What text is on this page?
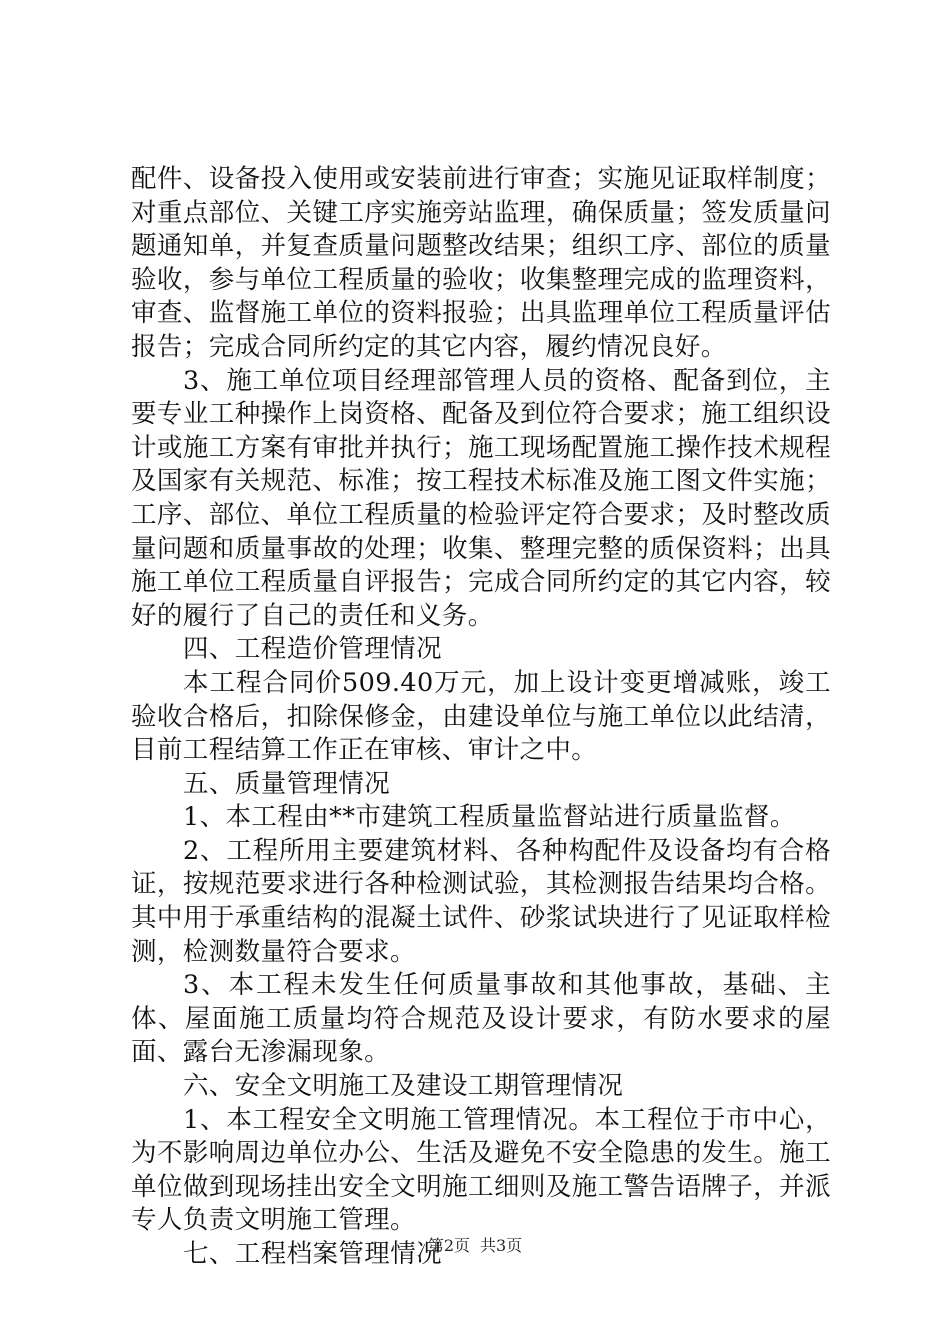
配件、设备投入使用或安装前进行审查；实施见证取样制度；对重点部位、关键工序实施旁站监理，确保质量；签发质量问题通知单，并复查质量问题整改结果；组织工序、部位的质量验收，参与单位工程质量的验收；收集整理完成的监理资料，审查、监督施工单位的资料报验；出具监理单位工程质量评估报告；完成合同所约定的其它内容，履约情况良好。

3、施工单位项目经理部管理人员的资格、配备到位，主要专业工种操作上岗资格、配备及到位符合要求；施工组织设计或施工方案有审批并执行；施工现场配置施工操作技术规程及国家有关规范、标准；按工程技术标准及施工图文件实施；工序、部位、单位工程质量的检验评定符合要求；及时整改质量问题和质量事故的处理；收集、整理完整的质保资料；出具施工单位工程质量自评报告；完成合同所约定的其它内容，较好的履行了自己的责任和义务。

四、工程造价管理情况

本工程合同价509.40万元，加上设计变更增减账，竣工验收合格后，扣除保修金，由建设单位与施工单位以此结清，目前工程结算工作正在审核、审计之中。

五、质量管理情况

1、本工程由**市建筑工程质量监督站进行质量监督。

2、工程所用主要建筑材料、各种构配件及设备均有合格证，按规范要求进行各种检测试验，其检测报告结果均合格。其中用于承重结构的混凝土试件、砂浆试块进行了见证取样检测，检测数量符合要求。

3、本工程未发生任何质量事故和其他事故，基础、主体、屋面施工质量均符合规范及设计要求，有防水要求的屋面、露台无渗漏现象。

六、安全文明施工及建设工期管理情况

1、本工程安全文明施工管理情况。本工程位于市中心，为不影响周边单位办公、生活及避免不安全隐患的发生。施工单位做到现场挂出安全文明施工细则及施工警告语牌子，并派专人负责文明施工管理。

七、工程档案管理情况

第2页 共3页
